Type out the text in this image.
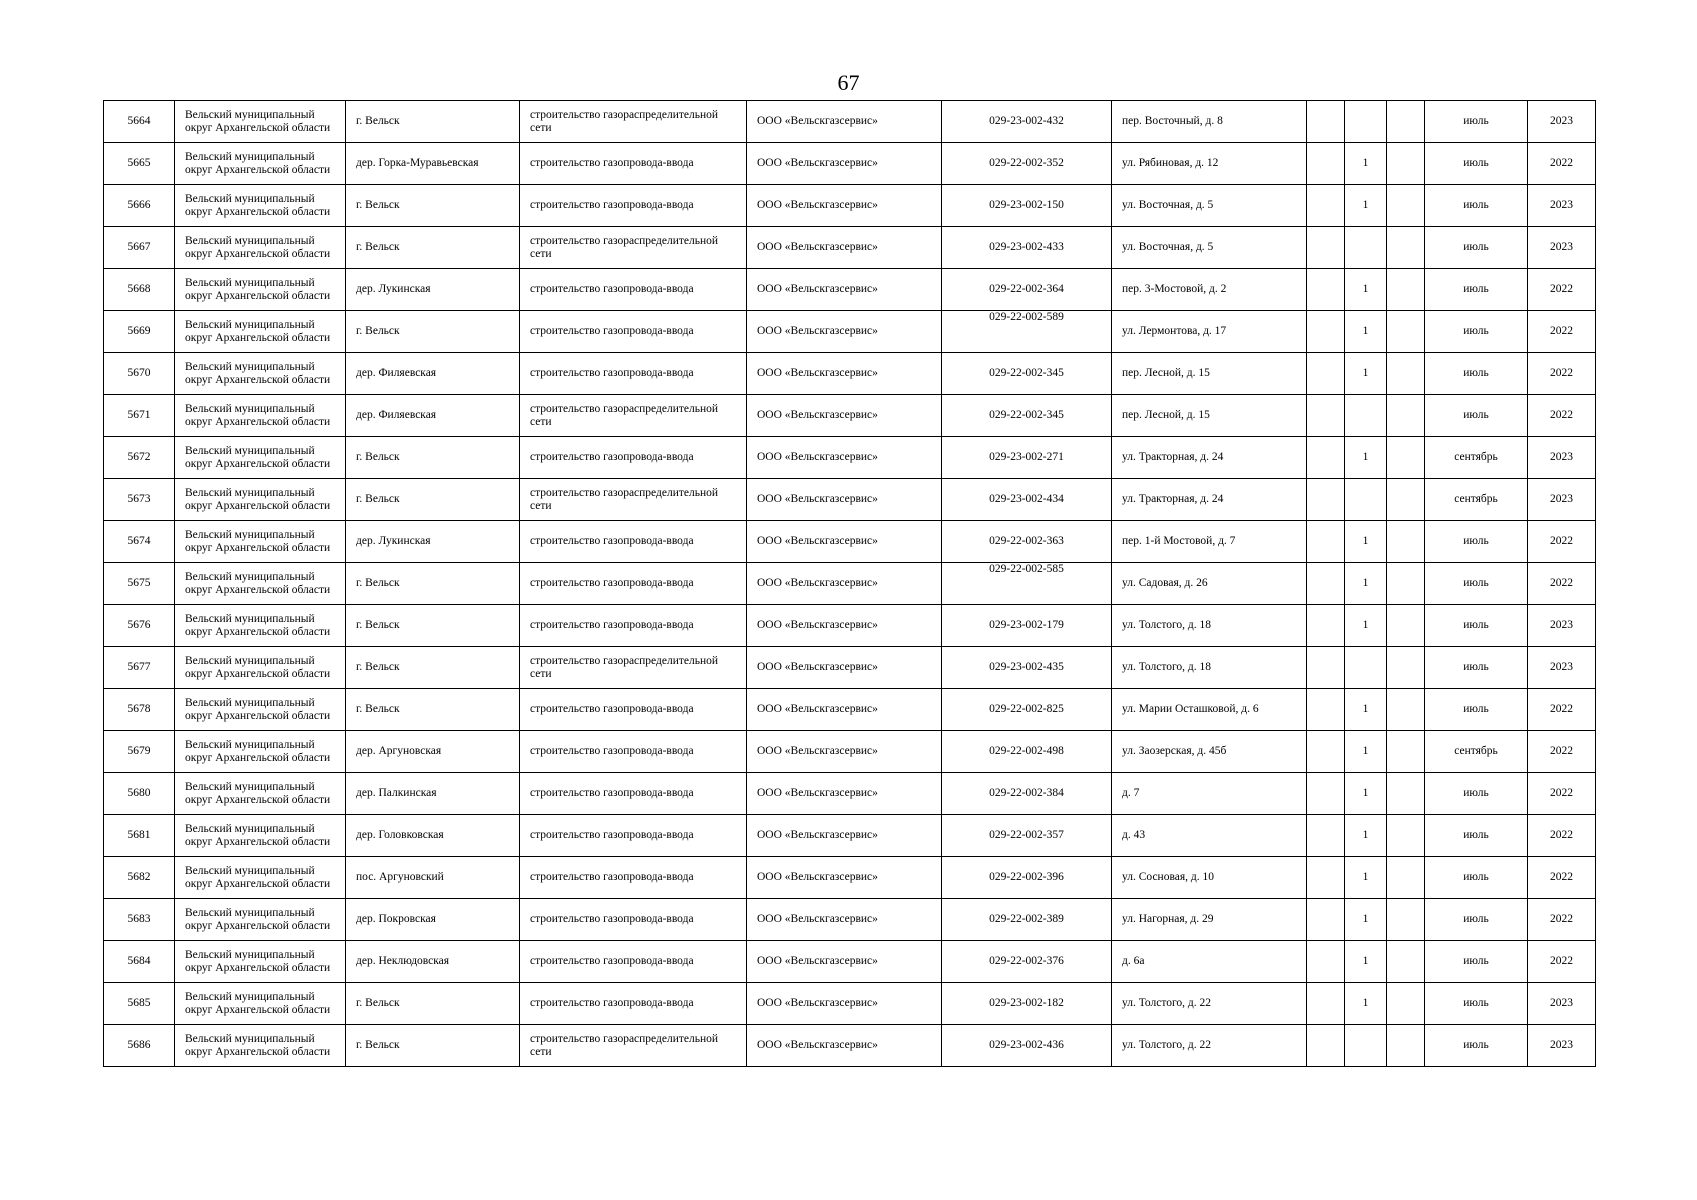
67
5664	Вельский муниципальный округ Архангельской области	г. Вельск	строительство газораспределительной сети	ООО «Вельскгазсервис»	029-23-002-432	пер. Восточный, д. 8				июль	2023
5665	Вельский муниципальный округ Архангельской области	дер. Горка-Муравьевская	строительство газопровода-ввода	ООО «Вельскгазсервис»	029-22-002-352	ул. Рябиновая, д. 12		1		июль	2022
5666	Вельский муниципальный округ Архангельской области	г. Вельск	строительство газопровода-ввода	ООО «Вельскгазсервис»	029-23-002-150	ул. Восточная, д. 5		1		июль	2023
5667	Вельский муниципальный округ Архангельской области	г. Вельск	строительство газораспределительной сети	ООО «Вельскгазсервис»	029-23-002-433	ул. Восточная, д. 5				июль	2023
5668	Вельский муниципальный округ Архангельской области	дер. Лукинская	строительство газопровода-ввода	ООО «Вельскгазсервис»	029-22-002-364	пер. 3-Мостовой, д. 2		1		июль	2022
5669	Вельский муниципальный округ Архангельской области	г. Вельск	строительство газопровода-ввода	ООО «Вельскгазсервис»	029-22-002-589	ул. Лермонтова, д. 17		1		июль	2022
5670	Вельский муниципальный округ Архангельской области	дер. Филяевская	строительство газопровода-ввода	ООО «Вельскгазсервис»	029-22-002-345	пер. Лесной, д. 15		1		июль	2022
5671	Вельский муниципальный округ Архангельской области	дер. Филяевская	строительство газораспределительной сети	ООО «Вельскгазсервис»	029-22-002-345	пер. Лесной, д. 15				июль	2022
5672	Вельский муниципальный округ Архангельской области	г. Вельск	строительство газопровода-ввода	ООО «Вельскгазсервис»	029-23-002-271	ул. Тракторная, д. 24		1		сентябрь	2023
5673	Вельский муниципальный округ Архангельской области	г. Вельск	строительство газораспределительной сети	ООО «Вельскгазсервис»	029-23-002-434	ул. Тракторная, д. 24				сентябрь	2023
5674	Вельский муниципальный округ Архангельской области	дер. Лукинская	строительство газопровода-ввода	ООО «Вельскгазсервис»	029-22-002-363	пер. 1-й Мостовой, д. 7		1		июль	2022
5675	Вельский муниципальный округ Архангельской области	г. Вельск	строительство газопровода-ввода	ООО «Вельскгазсервис»	029-22-002-585	ул. Садовая, д. 26		1		июль	2022
5676	Вельский муниципальный округ Архангельской области	г. Вельск	строительство газопровода-ввода	ООО «Вельскгазсервис»	029-23-002-179	ул. Толстого, д. 18		1		июль	2023
5677	Вельский муниципальный округ Архангельской области	г. Вельск	строительство газораспределительной сети	ООО «Вельскгазсервис»	029-23-002-435	ул. Толстого, д. 18				июль	2023
5678	Вельский муниципальный округ Архангельской области	г. Вельск	строительство газопровода-ввода	ООО «Вельскгазсервис»	029-22-002-825	ул. Марии Осташковой, д. 6		1		июль	2022
5679	Вельский муниципальный округ Архангельской области	дер. Аргуновская	строительство газопровода-ввода	ООО «Вельскгазсервис»	029-22-002-498	ул. Заозерская, д. 45б		1		сентябрь	2022
5680	Вельский муниципальный округ Архангельской области	дер. Палкинская	строительство газопровода-ввода	ООО «Вельскгазсервис»	029-22-002-384	д. 7		1		июль	2022
5681	Вельский муниципальный округ Архангельской области	дер. Головковская	строительство газопровода-ввода	ООО «Вельскгазсервис»	029-22-002-357	д. 43		1		июль	2022
5682	Вельский муниципальный округ Архангельской области	пос. Аргуновский	строительство газопровода-ввода	ООО «Вельскгазсервис»	029-22-002-396	ул. Сосновая, д. 10		1		июль	2022
5683	Вельский муниципальный округ Архангельской области	дер. Покровская	строительство газопровода-ввода	ООО «Вельскгазсервис»	029-22-002-389	ул. Нагорная, д. 29		1		июль	2022
5684	Вельский муниципальный округ Архангельской области	дер. Неклюдовская	строительство газопровода-ввода	ООО «Вельскгазсервис»	029-22-002-376	д. 6а		1		июль	2022
5685	Вельский муниципальный округ Архангельской области	г. Вельск	строительство газопровода-ввода	ООО «Вельскгазсервис»	029-23-002-182	ул. Толстого, д. 22		1		июль	2023
5686	Вельский муниципальный округ Архангельской области	г. Вельск	строительство газораспределительной сети	ООО «Вельскгазсервис»	029-23-002-436	ул. Толстого, д. 22				июль	2023
